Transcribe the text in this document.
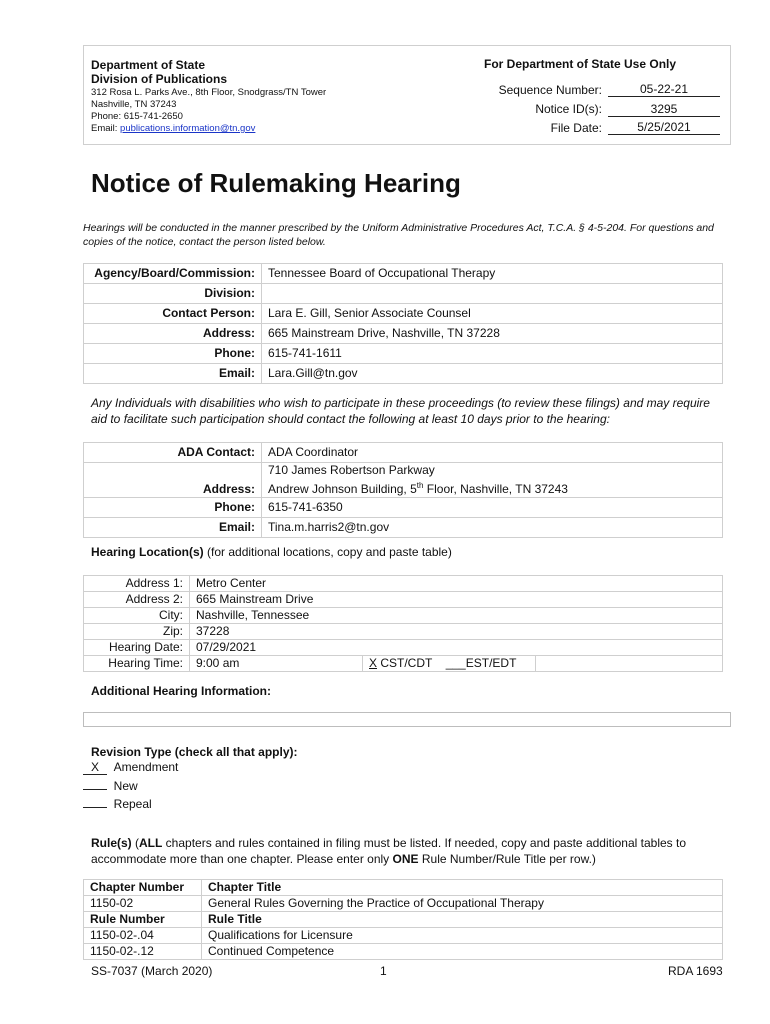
Department of State
Division of Publications
312 Rosa L. Parks Ave., 8th Floor, Snodgrass/TN Tower
Nashville, TN 37243
Phone: 615-741-2650
Email: publications.information@tn.gov
For Department of State Use Only
Sequence Number:	05-22-21
Notice ID(s):	3295
File Date:	5/25/2021
Notice of Rulemaking Hearing
Hearings will be conducted in the manner prescribed by the Uniform Administrative Procedures Act, T.C.A. § 4-5-204. For questions and copies of the notice, contact the person listed below.
Agency/Board/Commission:	Tennessee Board of Occupational Therapy
Division:	
Contact Person:	Lara E. Gill, Senior Associate Counsel
Address:	665 Mainstream Drive, Nashville, TN 37228
Phone:	615-741-1611
Email:	Lara.Gill@tn.gov
Any Individuals with disabilities who wish to participate in these proceedings (to review these filings) and may require aid to facilitate such participation should contact the following at least 10 days prior to the hearing:
ADA Contact:	ADA Coordinator
Address:	710 James Robertson Parkway
Andrew Johnson Building, 5th Floor, Nashville, TN 37243

Phone:	615-741-6350
Email:	Tina.m.harris2@tn.gov
Hearing Location(s) (for additional locations, copy and paste table)
Address 1:	Metro Center		
Address 2:	665 Mainstream Drive		
City:	Nashville, Tennessee		
Zip:	37228		
Hearing Date:	07/29/2021		
Hearing Time:	9:00 am	X CST/CDT ___EST/EDT	
Additional Hearing Information:
Revision Type (check all that apply):
X Amendment
New
Repeal
Rule(s) (ALL chapters and rules contained in filing must be listed. If needed, copy and paste additional tables to accommodate more than one chapter. Please enter only ONE Rule Number/Rule Title per row.)
Chapter Number	Chapter Title
1150-02	General Rules Governing the Practice of Occupational Therapy
Rule Number	Rule Title
1150-02-.04	Qualifications for Licensure
1150-02-.12	Continued Competence
SS-7037 (March 2020)	1	RDA 1693
